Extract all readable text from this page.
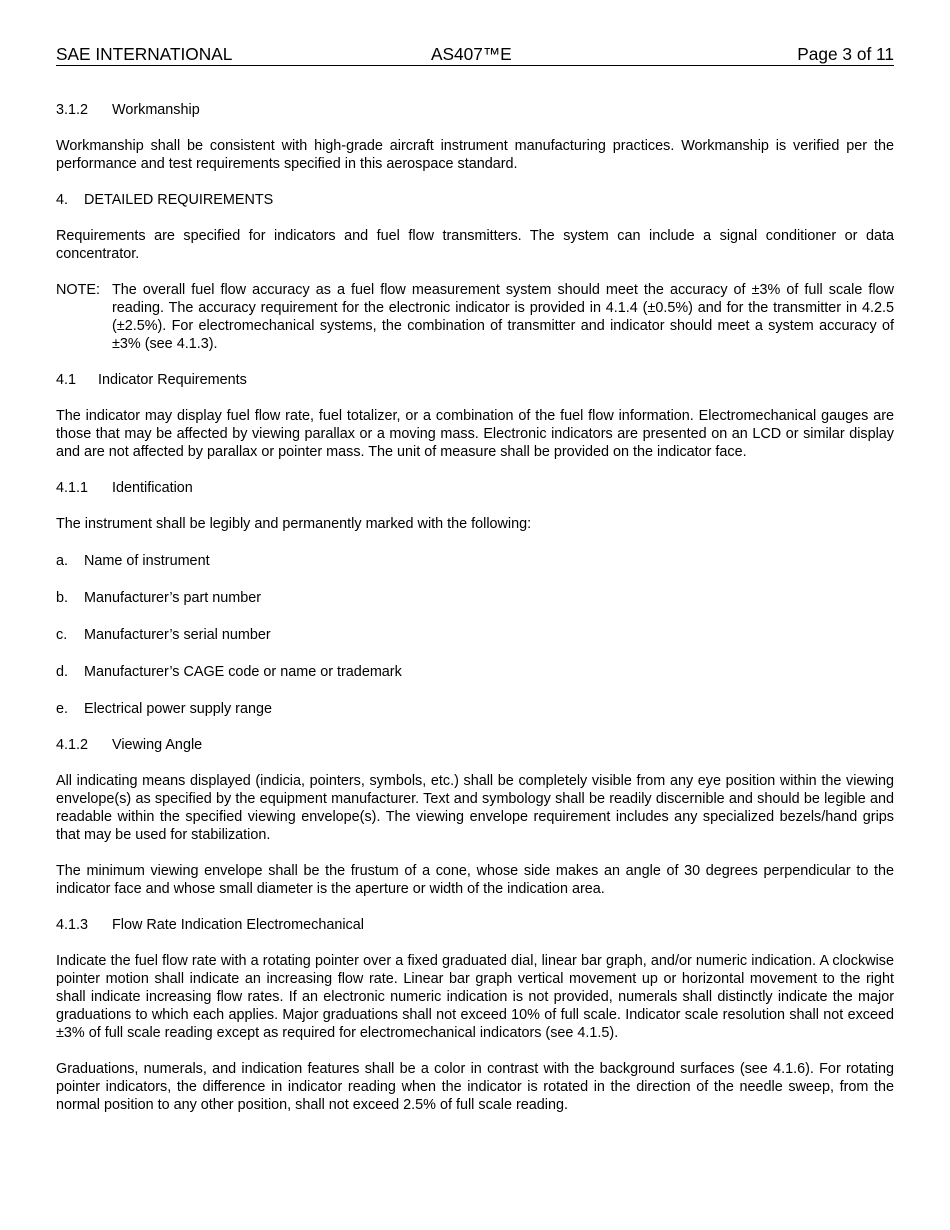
SAE INTERNATIONAL	AS407™E	Page 3 of 11
3.1.2 Workmanship

Workmanship shall be consistent with high-grade aircraft instrument manufacturing practices. Workmanship is verified per the performance and test requirements specified in this aerospace standard.

4. DETAILED REQUIREMENTS

Requirements are specified for indicators and fuel flow transmitters. The system can include a signal conditioner or data concentrator.

NOTE: The overall fuel flow accuracy as a fuel flow measurement system should meet the accuracy of ±3% of full scale flow reading. The accuracy requirement for the electronic indicator is provided in 4.1.4 (±0.5%) and for the transmitter in 4.2.5 (±2.5%). For electromechanical systems, the combination of transmitter and indicator should meet a system accuracy of ±3% (see 4.1.3).
4.1 Indicator Requirements

The indicator may display fuel flow rate, fuel totalizer, or a combination of the fuel flow information. Electromechanical gauges are those that may be affected by viewing parallax or a moving mass. Electronic indicators are presented on an LCD or similar display and are not affected by parallax or pointer mass. The unit of measure shall be provided on the indicator face.

4.1.1 Identification

The instrument shall be legibly and permanently marked with the following:

a. Name of instrument
b. Manufacturer’s part number
c. Manufacturer’s serial number
d. Manufacturer’s CAGE code or name or trademark
e. Electrical power supply range
4.1.2 Viewing Angle

All indicating means displayed (indicia, pointers, symbols, etc.) shall be completely visible from any eye position within the viewing envelope(s) as specified by the equipment manufacturer. Text and symbology shall be readily discernible and should be legible and readable within the specified viewing envelope(s). The viewing envelope requirement includes any specialized bezels/hand grips that may be used for stabilization.

The minimum viewing envelope shall be the frustum of a cone, whose side makes an angle of 30 degrees perpendicular to the indicator face and whose small diameter is the aperture or width of the indication area.

4.1.3 Flow Rate Indication Electromechanical

Indicate the fuel flow rate with a rotating pointer over a fixed graduated dial, linear bar graph, and/or numeric indication. A clockwise pointer motion shall indicate an increasing flow rate. Linear bar graph vertical movement up or horizontal movement to the right shall indicate increasing flow rates. If an electronic numeric indication is not provided, numerals shall distinctly indicate the major graduations to which each applies. Major graduations shall not exceed 10% of full scale. Indicator scale resolution shall not exceed ±3% of full scale reading except as required for electromechanical indicators (see 4.1.5).

Graduations, numerals, and indication features shall be a color in contrast with the background surfaces (see 4.1.6). For rotating pointer indicators, the difference in indicator reading when the indicator is rotated in the direction of the needle sweep, from the normal position to any other position, shall not exceed 2.5% of full scale reading.
